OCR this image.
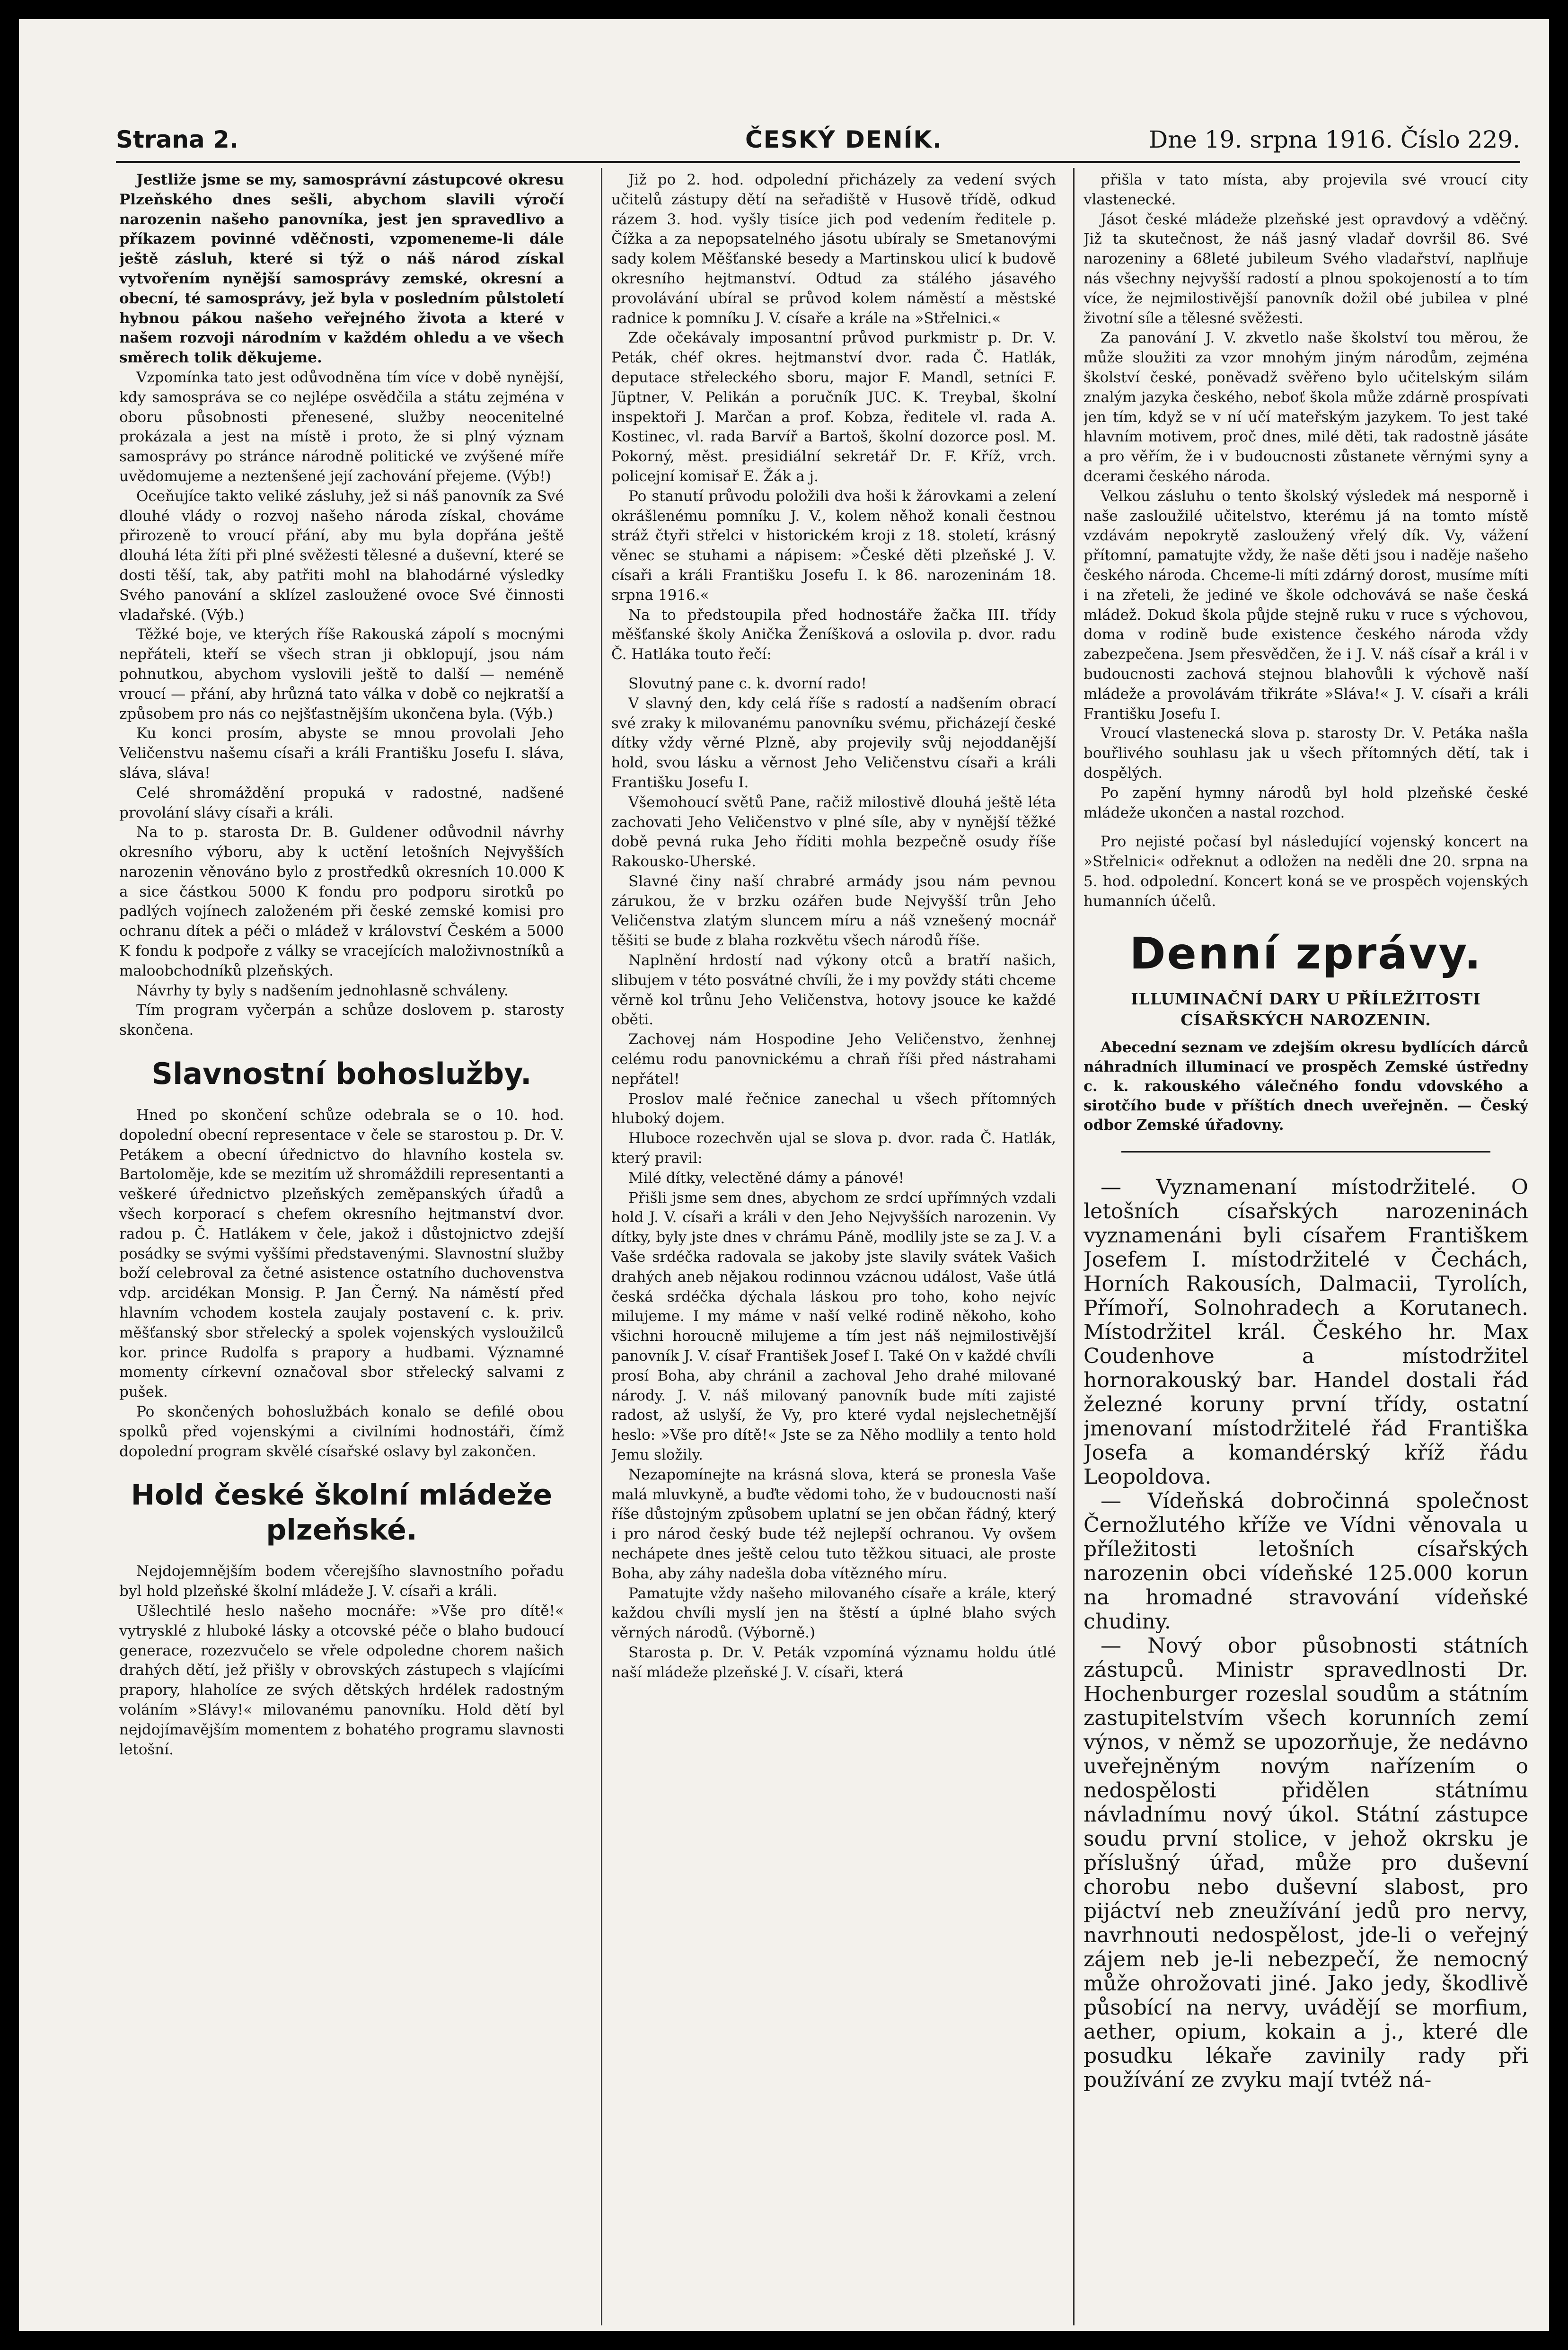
Strana 2.	ČESKÝ DENÍK.	Dne 19. srpna 1916. Číslo 229.

Jestliže jsme se my, samosprávní zástupcové okresu Plzeňského dnes sešli, abychom slavili výročí narozenin našeho panovníka, jest jen spravedlivo a příkazem povinné vděčnosti, vzpomeneme-li dále ještě zásluh, které si týž o náš národ získal vytvořením nynější samosprávy zemské, okresní a obecní, té samosprávy, jež byla v posledním půlstoletí hybnou pákou našeho veřejného života a které v našem rozvoji národním v každém ohledu a ve všech směrech tolik děkujeme.

Vzpomínka tato jest odůvodněna tím více v době nynější, kdy samospráva se co nejlépe osvědčila a státu zejména v oboru působnosti přenesené, služby neocenitelné prokázala a jest na místě i proto, že si plný význam samosprávy po stránce národně politické ve zvýšené míře uvědomujeme a neztenšené její zachování přejeme. (Výb!)

Oceňujíce takto veliké zásluhy, jež si náš panovník za Své dlouhé vlády o rozvoj našeho národa získal, chováme přirozeně to vroucí přání, aby mu byla dopřána ještě dlouhá léta žíti při plné svěžesti tělesné a duševní, které se dosti těší, tak, aby patřiti mohl na blahodárné výsledky Svého panování a sklízel zasloužené ovoce Své činnosti vladařské. (Výb.)

Těžké boje, ve kterých říše Rakouská zápolí s mocnými nepřáteli, kteří se všech stran ji obklopují, jsou nám pohnutkou, abychom vyslovili ještě to další — neméně vroucí — přání, aby hrůzná tato válka v době co nejkratší a způsobem pro nás co nejšťastnějším ukončena byla. (Výb.)

Ku konci prosím, abyste se mnou provolali Jeho Veličenstvu našemu císaři a králi Františku Josefu I. sláva, sláva, sláva!

Celé shromáždění propuká v radostné, nadšené provolání slávy císaři a králi.

Na to p. starosta Dr. B. Guldener odůvodnil návrhy okresního výboru, aby k uctění letošních Nejvyšších narozenin věnováno bylo z prostředků okresních 10.000 K a sice částkou 5000 K fondu pro podporu sirotků po padlých vojínech založeném při české zemské komisi pro ochranu dítek a péči o mládež v království Českém a 5000 K fondu k podpoře z války se vracejících maloživnostníků a maloobchodníků plzeňských.

Návrhy ty byly s nadšením jednohlasně schváleny.

Tím program vyčerpán a schůze doslovem p. starosty skončena.

Slavnostní bohoslužby.

Hned po skončení schůze odebrala se o 10. hod. dopolední obecní representace v čele se starostou p. Dr. V. Petákem a obecní úřednictvo do hlavního kostela sv. Bartoloměje, kde se mezitím už shromáždili representanti a veškeré úřednictvo plzeňských zeměpanských úřadů a všech korporací s chefem okresního hejtmanství dvor. radou p. Č. Hatlákem v čele, jakož i důstojnictvo zdejší posádky se svými vyššími představenými. Slavnostní služby boží celebroval za četné asistence ostatního duchovenstva vdp. arcidékan Monsig. P. Jan Černý. Na náměstí před hlavním vchodem kostela zaujaly postavení c. k. priv. měšťanský sbor střelecký a spolek vojenských vysloužilců kor. prince Rudolfa s prapory a hudbami. Významné momenty církevní označoval sbor střelecký salvami z pušek.

Po skončených bohoslužbách konalo se defilé obou spolků před vojenskými a civilními hodnostáři, čímž dopolední program skvělé císařské oslavy byl zakončen.

Hold české školní mládeže plzeňské.

Nejdojemnějším bodem včerejšího slavnostního pořadu byl hold plzeňské školní mládeže J. V. císaři a králi.

Ušlechtilé heslo našeho mocnáře: »Vše pro dítě!« vytrysklé z hluboké lásky a otcovské péče o blaho budoucí generace, rozezvučelo se vřele odpoledne chorem našich drahých dětí, jež přišly v obrovských zástupech s vlajícími prapory, hlaholíce ze svých dětských hrdélek radostným voláním »Slávy!« milovanému panovníku. Hold dětí byl nejdojímavějším momentem z bohatého programu slavnosti letošní.

Již po 2. hod. odpolední přicházely za vedení svých učitelů zástupy dětí na seřadiště v Husově třídě, odkud rázem 3. hod. vyšly tisíce jich pod vedením ředitele p. Čížka a za nepopsatelného jásotu ubíraly se Smetanovými sady kolem Měšťanské besedy a Martinskou ulicí k budově okresního hejtmanství. Odtud za stálého jásavého provolávání ubíral se průvod kolem náměstí a městské radnice k pomníku J. V. císaře a krále na »Střelnici.«

Zde očekávaly imposantní průvod purkmistr p. Dr. V. Peták, chéf okres. hejtmanství dvor. rada Č. Hatlák, deputace střeleckého sboru, major F. Mandl, setníci F. Jüptner, V. Pelikán a poručník JUC. K. Treybal, školní inspektoři J. Marčan a prof. Kobza, ředitele vl. rada A. Kostinec, vl. rada Barvíř a Bartoš, školní dozorce posl. M. Pokorný, měst. presidiální sekretář Dr. F. Kříž, vrch. policejní komisař E. Žák a j.

Po stanutí průvodu položili dva hoši k žárovkami a zelení okrášlenému pomníku J. V., kolem něhož konali čestnou stráž čtyři střelci v historickém kroji z 18. století, krásný věnec se stuhami a nápisem: »České děti plzeňské J. V. císaři a králi Františku Josefu I. k 86. narozeninám 18. srpna 1916.«

Na to předstoupila před hodnostáře žačka III. třídy měšťanské školy Anička Ženíšková a oslovila p. dvor. radu Č. Hatláka touto řečí:

Slovutný pane c. k. dvorní rado!

V slavný den, kdy celá říše s radostí a nadšením obrací své zraky k milovanému panovníku svému, přicházejí české dítky vždy věrné Plzně, aby projevily svůj nejoddanější hold, svou lásku a věrnost Jeho Veličenstvu císaři a králi Františku Josefu I.

Všemohoucí světů Pane, račiž milostivě dlouhá ještě léta zachovati Jeho Veličenstvo v plné síle, aby v nynější těžké době pevná ruka Jeho říditi mohla bezpečně osudy říše Rakousko-Uherské.

Slavné činy naší chrabré armády jsou nám pevnou zárukou, že v brzku ozářen bude Nejvyšší trůn Jeho Veličenstva zlatým sluncem míru a náš vznešený mocnář těšiti se bude z blaha rozkvětu všech národů říše.

Naplnění hrdostí nad výkony otců a bratří našich, slibujem v této posvátné chvíli, že i my povždy státi chceme věrně kol trůnu Jeho Veličenstva, hotovy jsouce ke každé oběti.

Zachovej nám Hospodine Jeho Veličenstvo, ženhnej celému rodu panovnickému a chraň říši před nástrahami nepřátel!

Proslov malé řečnice zanechal u všech přítomných hluboký dojem.

Hluboce rozechvěn ujal se slova p. dvor. rada Č. Hatlák, který pravil:

Milé dítky, velectěné dámy a pánové!

Přišli jsme sem dnes, abychom ze srdcí upřímných vzdali hold J. V. císaři a králi v den Jeho Nejvyšších narozenin. Vy dítky, byly jste dnes v chrámu Páně, modlily jste se za J. V. a Vaše srdéčka radovala se jakoby jste slavily svátek Vašich drahých aneb nějakou rodinnou vzácnou událost, Vaše útlá česká srdéčka dýchala láskou pro toho, koho nejvíc milujeme. I my máme v naší velké rodině někoho, koho všichni horoucně milujeme a tím jest náš nejmilostivější panovník J. V. císař František Josef I. Také On v každé chvíli prosí Boha, aby chránil a zachoval Jeho drahé milované národy. J. V. náš milovaný panovník bude míti zajisté radost, až uslyší, že Vy, pro které vydal nejslechetnější heslo: »Vše pro dítě!« Jste se za Něho modlily a tento hold Jemu složily.

Nezapomínejte na krásná slova, která se pronesla Vaše malá mluvkyně, a buďte vědomi toho, že v budoucnosti naší říše důstojným způsobem uplatní se jen občan řádný, který i pro národ český bude též nejlepší ochranou. Vy ovšem nechápete dnes ještě celou tuto těžkou situaci, ale proste Boha, aby záhy nadešla doba vítězného míru.

Pamatujte vždy našeho milovaného císaře a krále, který každou chvíli myslí jen na štěstí a úplné blaho svých věrných národů. (Výborně.)

Starosta p. Dr. V. Peták vzpomíná významu holdu útlé naší mládeže plzeňské J. V. císaři, která

přišla v tato místa, aby projevila své vroucí city vlastenecké.

Jásot české mládeže plzeňské jest opravdový a vděčný. Již ta skutečnost, že náš jasný vladař dovršil 86. Své narozeniny a 68leté jubileum Svého vladařství, naplňuje nás všechny nejvyšší radostí a plnou spokojeností a to tím více, že nejmilostivější panovník dožil obé jubilea v plné životní síle a tělesné svěžesti.

Za panování J. V. zkvetlo naše školství tou měrou, že může sloužiti za vzor mnohým jiným národům, zejména školství české, poněvadž svěřeno bylo učitelským silám znalým jazyka českého, neboť škola může zdárně prospívati jen tím, když se v ní učí mateřským jazykem. To jest také hlavním motivem, proč dnes, milé děti, tak radostně jásáte a pro věřím, že i v budoucnosti zůstanete věrnými syny a dcerami českého národa.

Velkou zásluhu o tento školský výsledek má nesporně i naše zasloužilé učitelstvo, kterému já na tomto místě vzdávám nepokrytě zasloužený vřelý dík. Vy, vážení přítomní, pamatujte vždy, že naše děti jsou i naděje našeho českého národa. Chceme-li míti zdárný dorost, musíme míti i na zřeteli, že jediné ve škole odchovává se naše česká mládež. Dokud škola půjde stejně ruku v ruce s výchovou, doma v rodině bude existence českého národa vždy zabezpečena. Jsem přesvědčen, že i J. V. náš císař a král i v budoucnosti zachová stejnou blahovůli k výchově naší mládeže a provolávám třikráte »Sláva!« J. V. císaři a králi Františku Josefu I.

Vroucí vlastenecká slova p. starosty Dr. V. Petáka našla bouřlivého souhlasu jak u všech přítomných dětí, tak i dospělých.

Po zapění hymny národů byl hold plzeňské české mládeže ukončen a nastal rozchod.

Pro nejisté počasí byl následující vojenský koncert na »Střelnici« odřeknut a odložen na neděli dne 20. srpna na 5. hod. odpolední. Koncert koná se ve prospěch vojenských humanních účelů.

Denní zprávy.
ILLUMINAČNÍ DARY U PŘÍLEŽITOSTI CÍSAŘSKÝCH NAROZENIN.

Abecední seznam ve zdejším okresu bydlících dárců náhradních illuminací ve prospěch Zemské ústředny c. k. rakouského válečného fondu vdovského a sirotčího bude v příštích dnech uveřejněn. — Český odbor Zemské úřadovny.

— Vyznamenaní místodržitelé. O letošních císařských narozeninách vyznamenáni byli císařem Františkem Josefem I. místodržitelé v Čechách, Horních Rakousích, Dalmacii, Tyrolích, Přímoří, Solnohradech a Korutanech. Místodržitel král. Českého hr. Max Coudenhove a místodržitel hornorakouský bar. Handel dostali řád železné koruny první třídy, ostatní jmenovaní místodržitelé řád Františka Josefa a komandérský kříž řádu Leopoldova.

— Vídeňská dobročinná společnost Černožlutého kříže ve Vídni věnovala u příležitosti letošních císařských narozenin obci vídeňské 125.000 korun na hromadné stravování vídeňské chudiny.

— Nový obor působnosti státních zástupců. Ministr spravedlnosti Dr. Hochenburger rozeslal soudům a státním zastupitelstvím všech korunních zemí výnos, v němž se upozorňuje, že nedávno uveřejněným novým nařízením o nedospělosti přidělen státnímu návladnímu nový úkol. Státní zástupce soudu první stolice, v jehož okrsku je příslušný úřad, může pro duševní chorobu nebo duševní slabost, pro pijáctví neb zneužívání jedů pro nervy, navrhnouti nedospělost, jde-li o veřejný zájem neb je-li nebezpečí, že nemocný může ohrožovati jiné. Jako jedy, škodlivě působící na nervy, uvádějí se morfium, aether, opium, kokain a j., které dle posudku lékaře zavinily rady při používání ze zvyku mají tvtéž ná-
